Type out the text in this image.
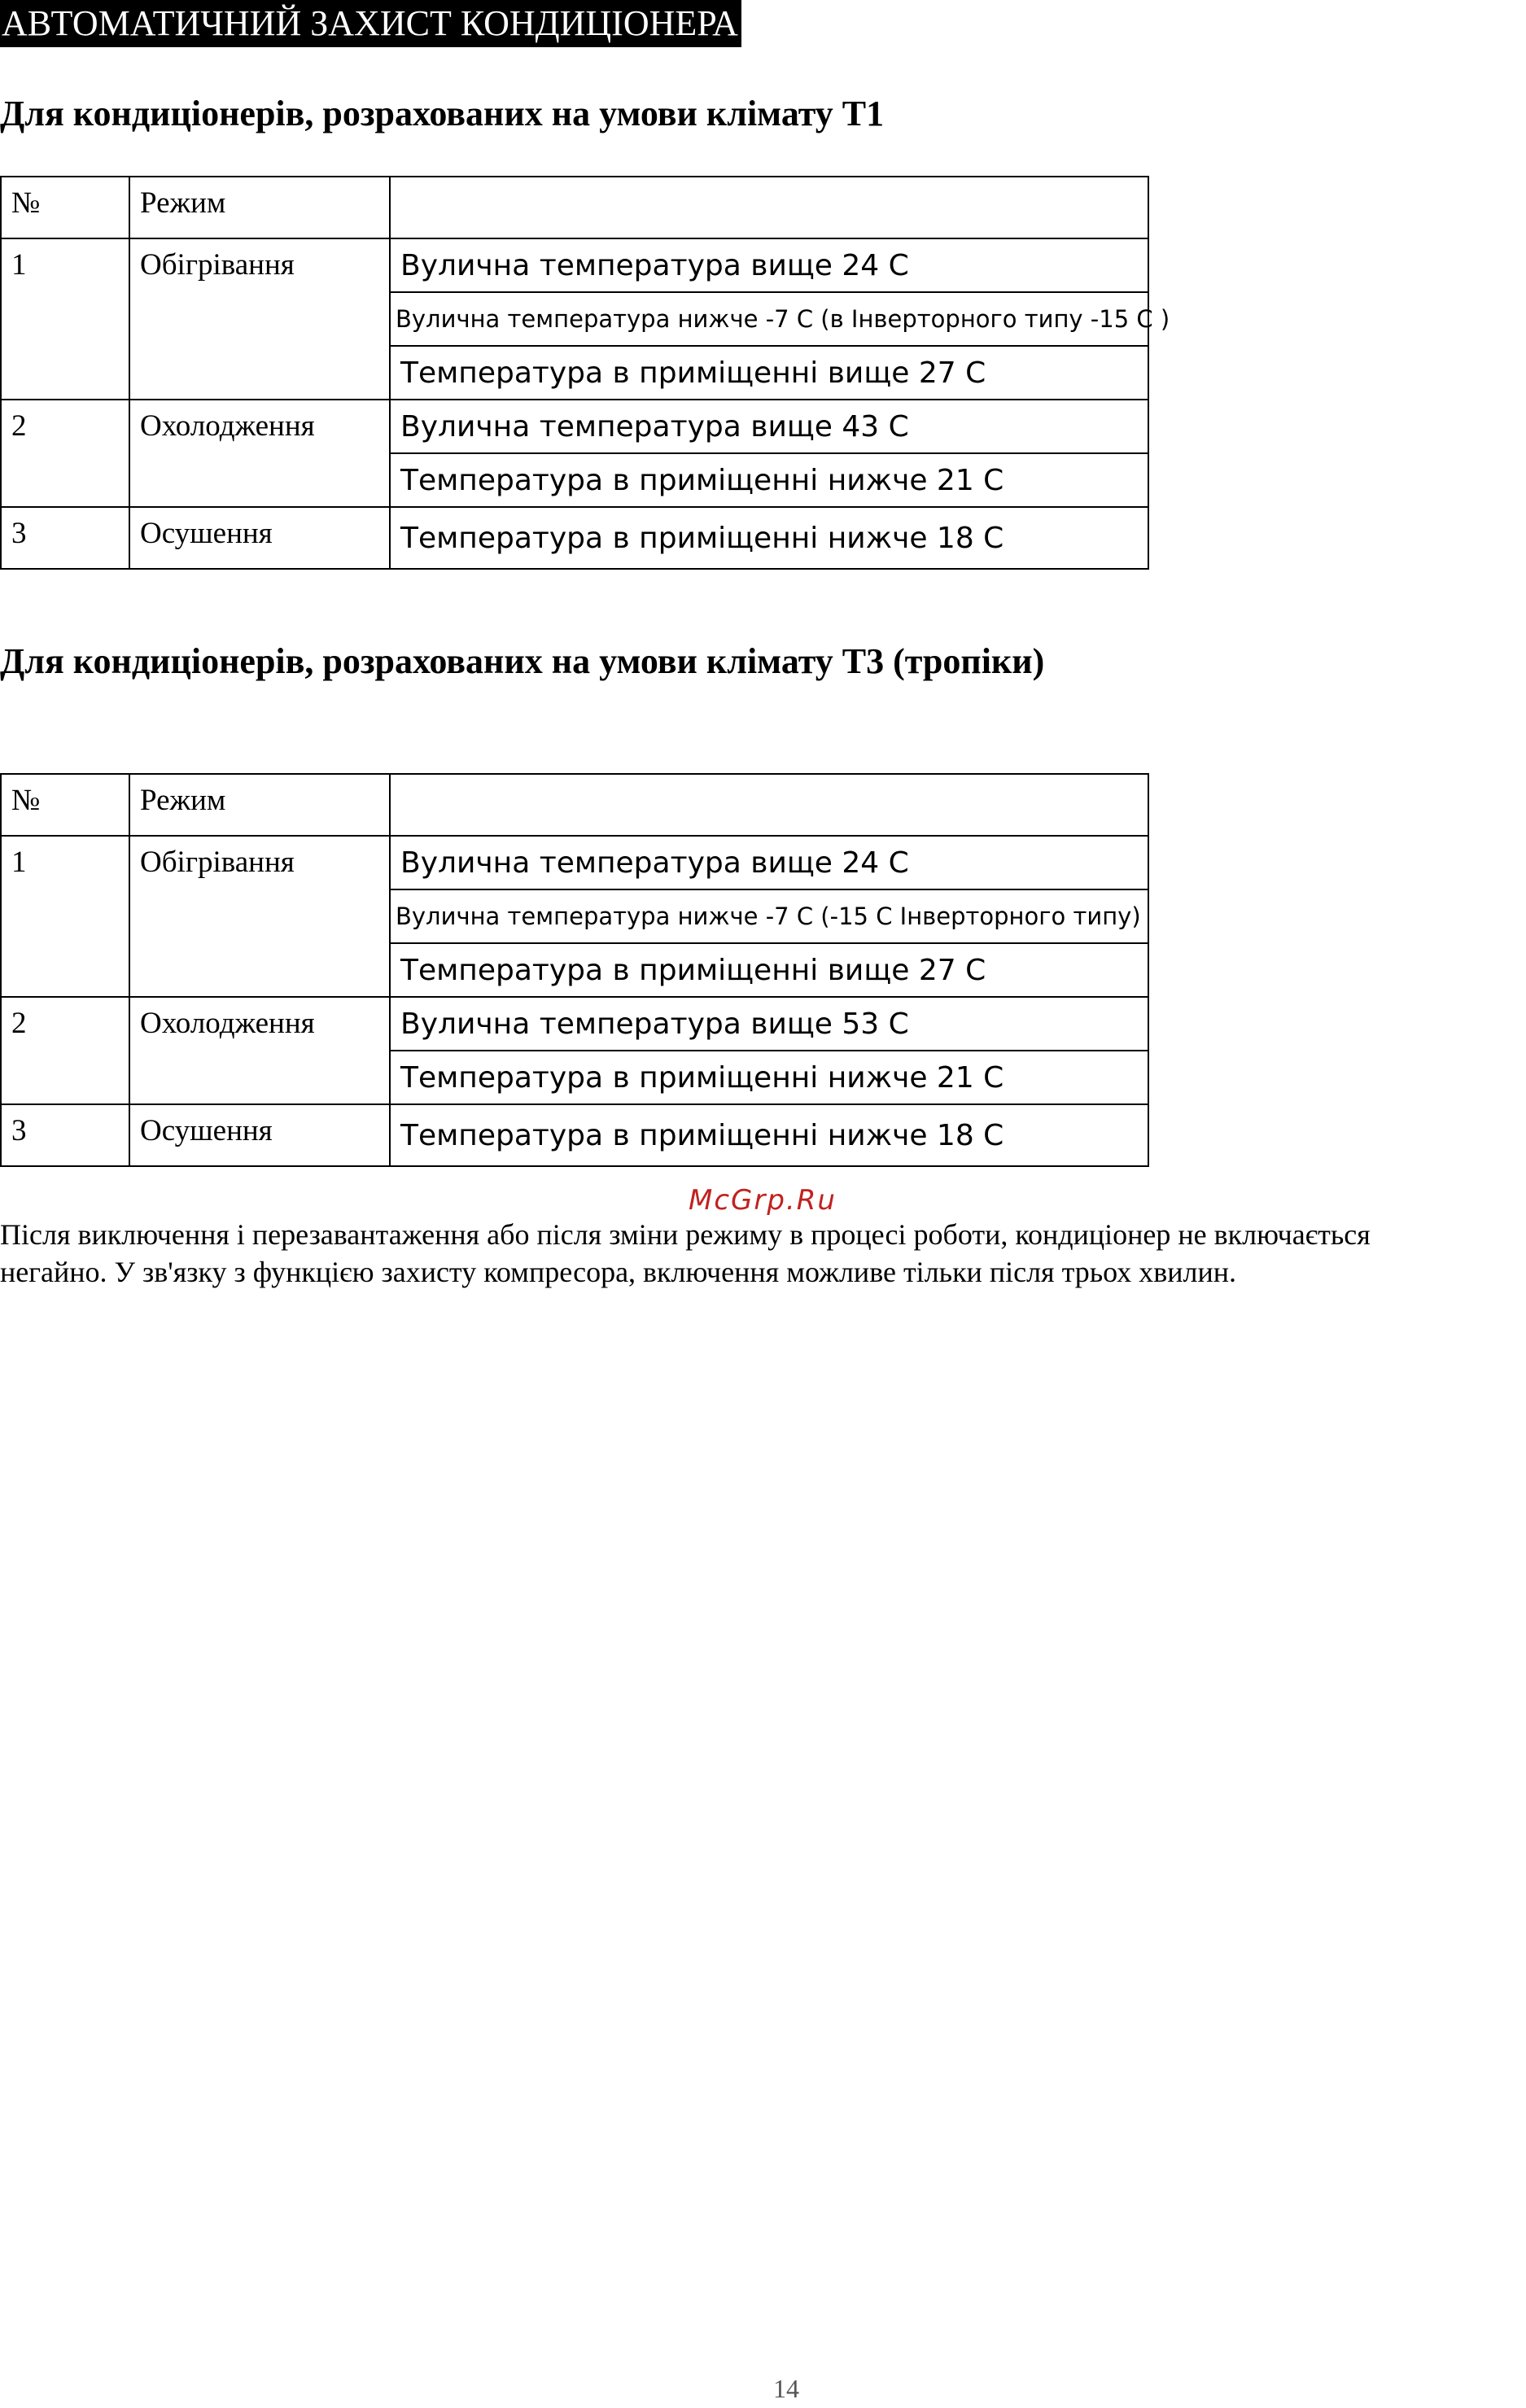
АВТОМАТИЧНИЙ ЗАХИСТ КОНДИЦІОНЕРА
Для кондиціонерів, розрахованих на умови клімату Т1
№	Режим	
1	Обігрівання	Вулична температура вище 24 С
		Вулична температура нижче -7 С (в Інверторного типу -15 С )
		Температура в приміщенні вище 27 С
2	Охолодження	Вулична температура вище 43 С
		Температура в приміщенні нижче 21 С
3	Осушення	Температура в приміщенні нижче 18 С
Для кондиціонерів, розрахованих на умови клімату Т3 (тропіки)
№	Режим	
1	Обігрівання	Вулична температура вище 24 С
		Вулична температура нижче -7 С (-15 С Інверторного типу)
		Температура в приміщенні вище 27 С
2	Охолодження	Вулична температура вище 53 С
		Температура в приміщенні нижче 21 С
3	Осушення	Температура в приміщенні нижче 18 С
McGrp.Ru

Після виключення і перезавантаження або після зміни режиму в процесі роботи, кондиціонер не включається

негайно. У зв'язку з функцією захисту компресора, включення можливе тільки після трьох хвилин.

14
